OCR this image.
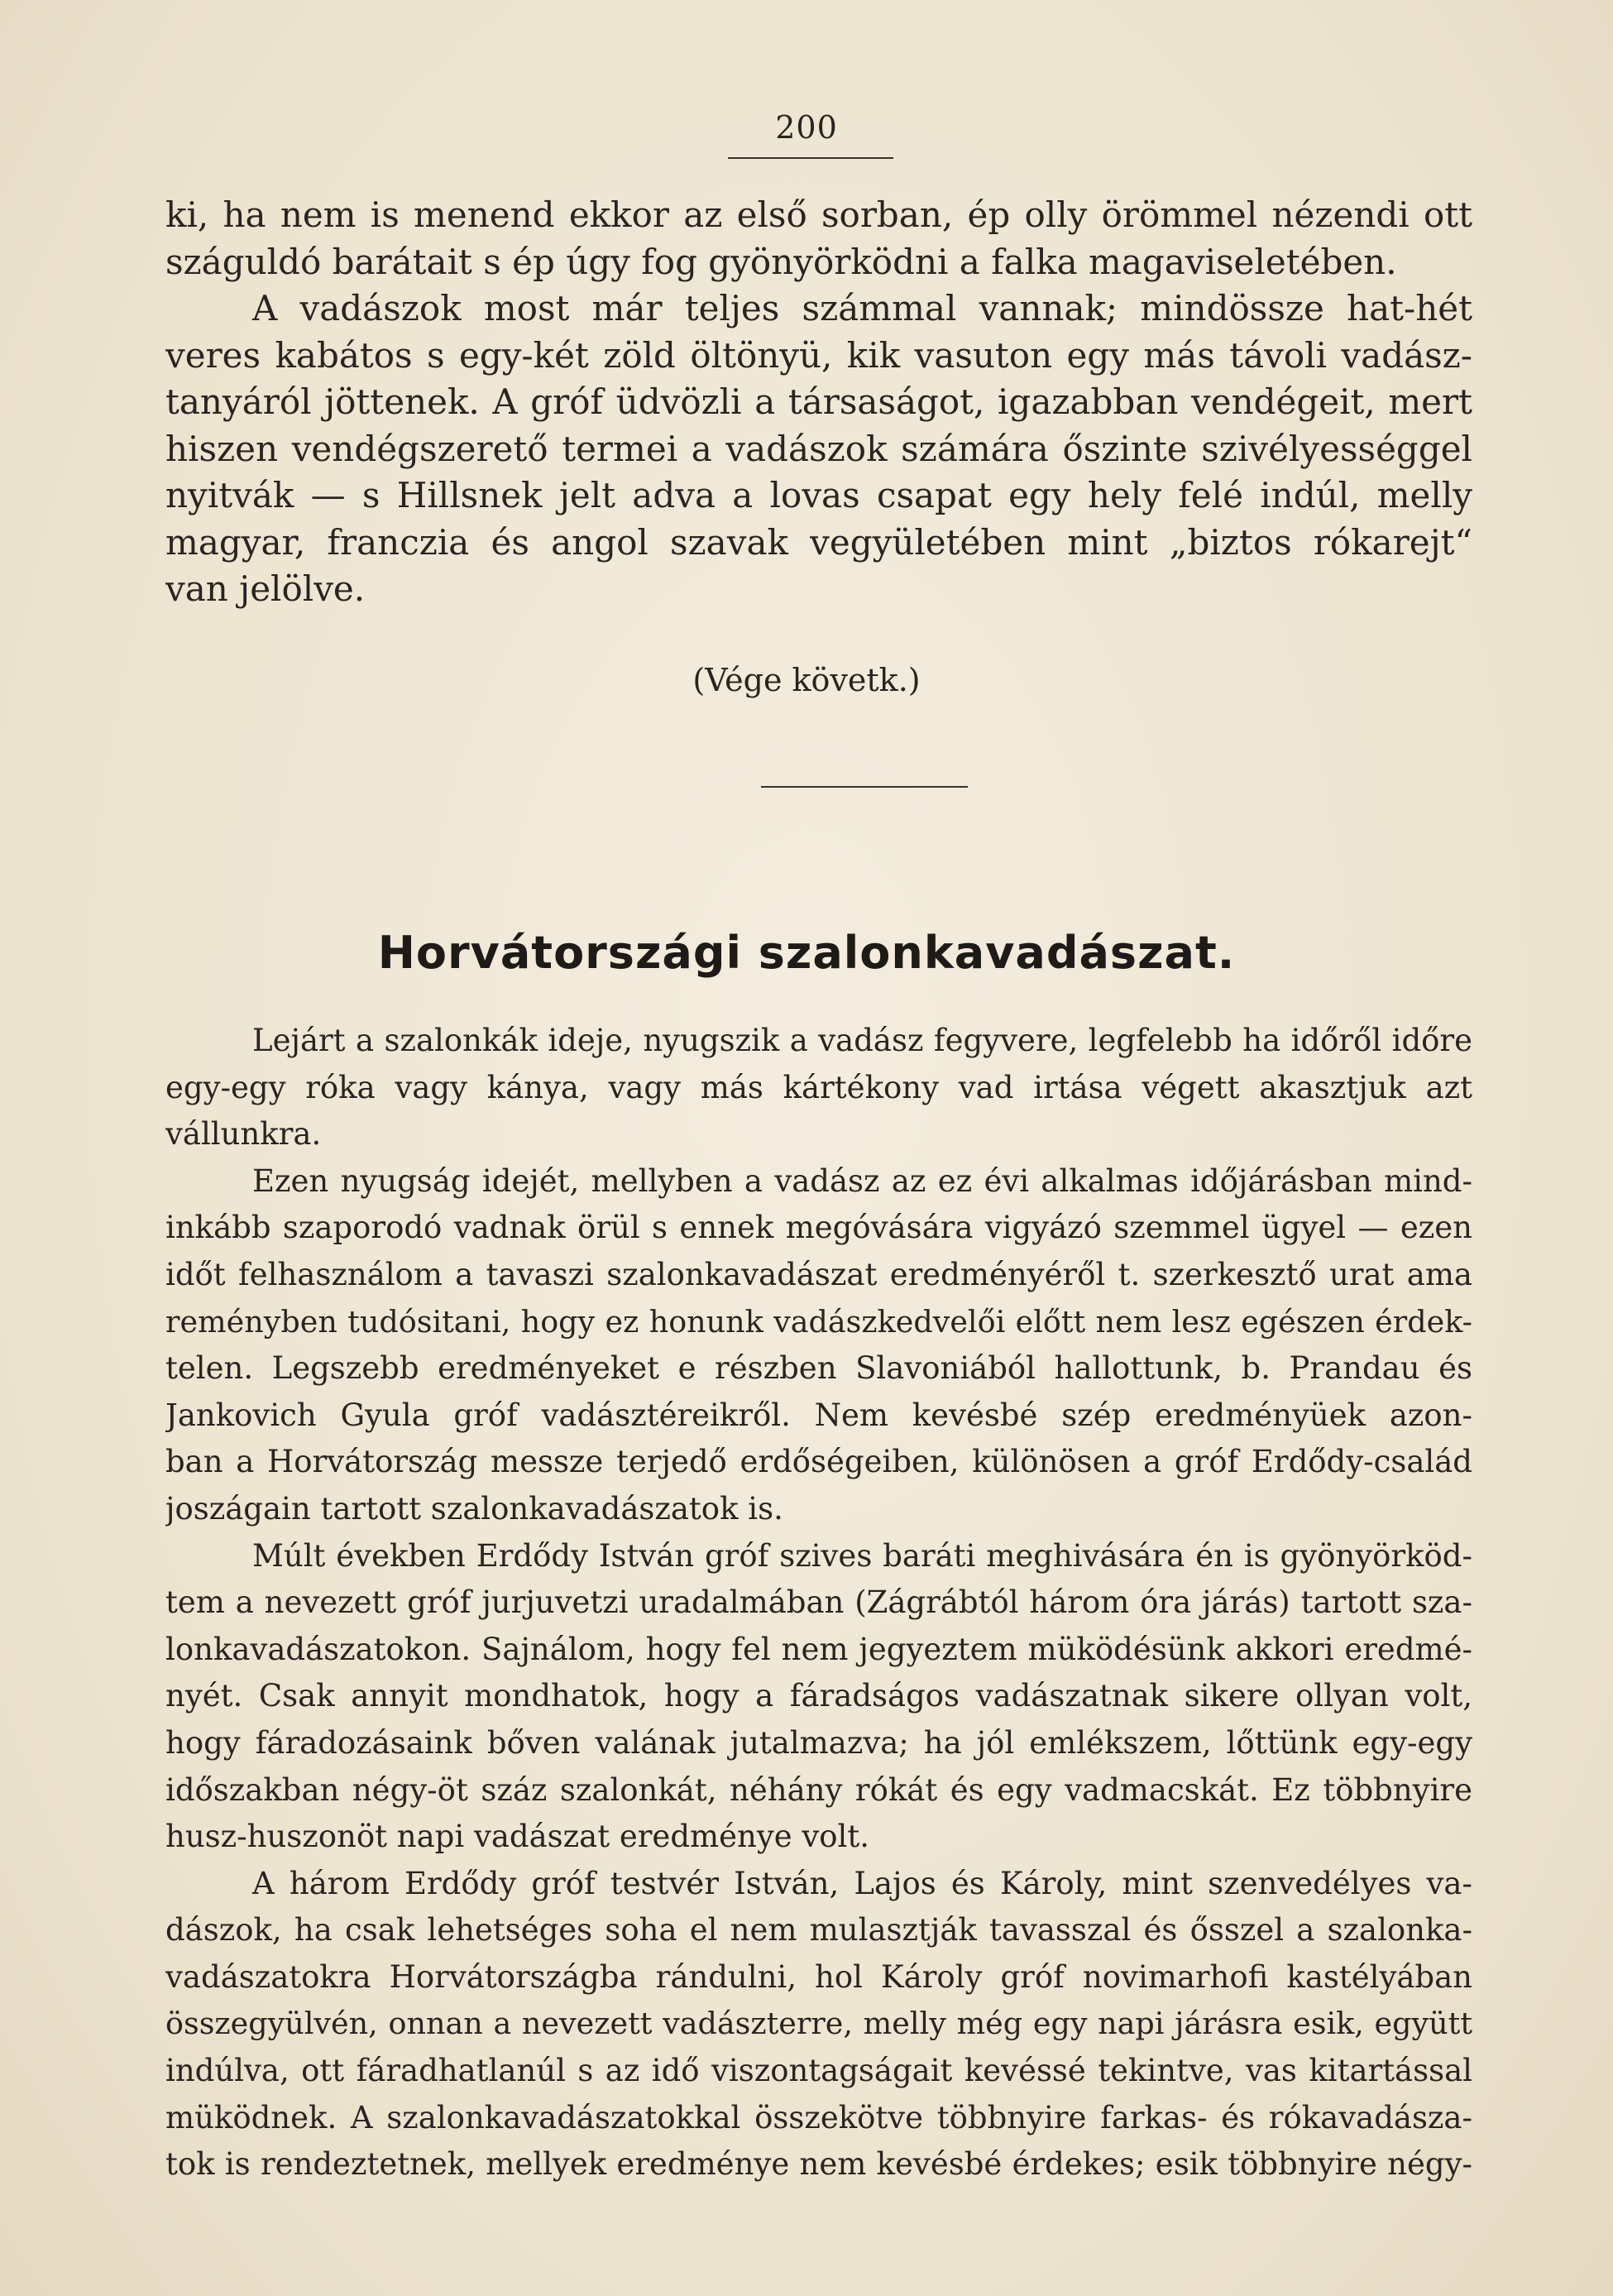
200
ki, ha nem is menend ekkor az első sorban, ép olly örömmel nézendi ott
száguldó barátait s ép úgy fog gyönyörködni a falka magaviseletében.
A vadászok most már teljes számmal vannak; mindössze hat-hét
veres kabátos s egy-két zöld öltönyü, kik vasuton egy más távoli vadász-
tanyáról jöttenek. A gróf üdvözli a társaságot, igazabban vendégeit, mert
hiszen vendégszerető termei a vadászok számára őszinte szivélyességgel
nyitvák — s Hillsnek jelt adva a lovas csapat egy hely felé indúl, melly
magyar, franczia és angol szavak vegyületében mint „biztos rókarejt“
van jelölve.
(Vége követk.)
Horvátországi szalonkavadászat.
Lejárt a szalonkák ideje, nyugszik a vadász fegyvere, legfelebb ha időről időre
egy-egy róka vagy kánya, vagy más kártékony vad irtása végett akasztjuk azt
vállunkra.
Ezen nyugság idejét, mellyben a vadász az ez évi alkalmas időjárásban mind-
inkább szaporodó vadnak örül s ennek megóvására vigyázó szemmel ügyel — ezen
időt felhasználom a tavaszi szalonkavadászat eredményéről t. szerkesztő urat ama
reményben tudósitani, hogy ez honunk vadászkedvelői előtt nem lesz egészen érdek-
telen. Legszebb eredményeket e részben Slavoniából hallottunk, b. Prandau és
Jankovich Gyula gróf vadásztéreikről. Nem kevésbé szép eredményüek azon-
ban a Horvátország messze terjedő erdőségeiben, különösen a gróf Erdődy-család
joszágain tartott szalonkavadászatok is.
Múlt években Erdődy István gróf szives baráti meghivására én is gyönyörköd-
tem a nevezett gróf jurjuvetzi uradalmában (Zágrábtól három óra járás) tartott sza-
lonkavadászatokon. Sajnálom, hogy fel nem jegyeztem müködésünk akkori eredmé-
nyét. Csak annyit mondhatok, hogy a fáradságos vadászatnak sikere ollyan volt,
hogy fáradozásaink bőven valának jutalmazva; ha jól emlékszem, lőttünk egy-egy
időszakban négy-öt száz szalonkát, néhány rókát és egy vadmacskát. Ez többnyire
husz-huszonöt napi vadászat eredménye volt.
A három Erdődy gróf testvér István, Lajos és Károly, mint szenvedélyes va-
dászok, ha csak lehetséges soha el nem mulasztják tavasszal és ősszel a szalonka-
vadászatokra Horvátországba rándulni, hol Károly gróf novimarhofi kastélyában
összegyülvén, onnan a nevezett vadászterre, melly még egy napi járásra esik, együtt
indúlva, ott fáradhatlanúl s az idő viszontagságait kevéssé tekintve, vas kitartással
müködnek. A szalonkavadászatokkal összekötve többnyire farkas- és rókavadásza-
tok is rendeztetnek, mellyek eredménye nem kevésbé érdekes; esik többnyire négy-
